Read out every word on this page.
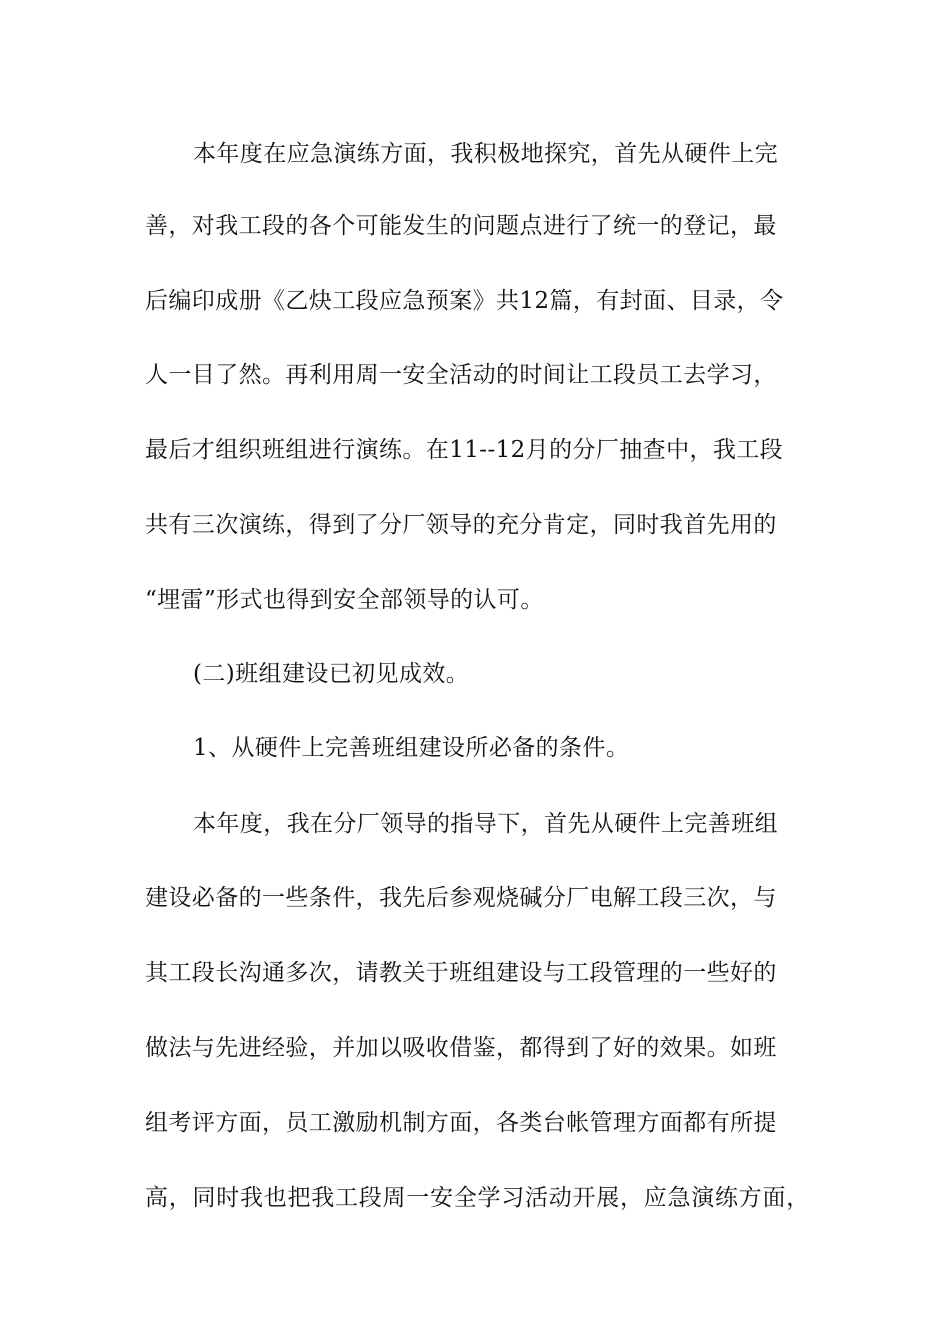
本年度在应急演练方面，我积极地探究，首先从硬件上完
善，对我工段的各个可能发生的问题点进行了统一的登记，最
后编印成册《乙炔工段应急预案》共12篇，有封面、目录，令
人一目了然。再利用周一安全活动的时间让工段员工去学习，
最后才组织班组进行演练。在11--12月的分厂抽查中，我工段
共有三次演练，得到了分厂领导的充分肯定，同时我首先用的
“埋雷”形式也得到安全部领导的认可。
(二)班组建设已初见成效。
1、从硬件上完善班组建设所必备的条件。
本年度，我在分厂领导的指导下，首先从硬件上完善班组
建设必备的一些条件，我先后参观烧碱分厂电解工段三次，与
其工段长沟通多次，请教关于班组建设与工段管理的一些好的
做法与先进经验，并加以吸收借鉴，都得到了好的效果。如班
组考评方面，员工激励机制方面，各类台帐管理方面都有所提
高，同时我也把我工段周一安全学习活动开展，应急演练方面，
